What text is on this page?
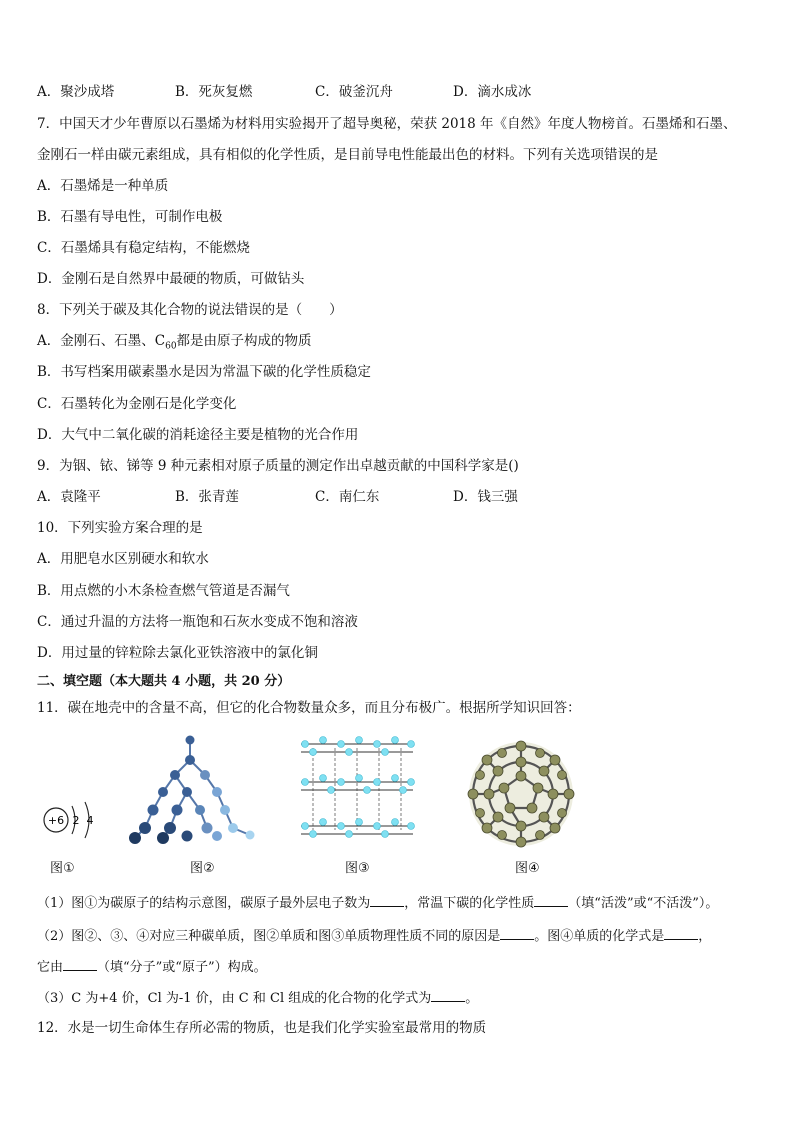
A．聚沙成塔	B．死灰复燃	C．破釜沉舟	D．滴水成冰
7．中国天才少年曹原以石墨烯为材料用实验揭开了超导奥秘，荣获 2018 年《自然》年度人物榜首。石墨烯和石墨、
金刚石一样由碳元素组成，具有相似的化学性质，是目前导电性能最出色的材料。下列有关选项错误的是
A．石墨烯是一种单质
B．石墨有导电性，可制作电极
C．石墨烯具有稳定结构，不能燃烧
D．金刚石是自然界中最硬的物质，可做钻头
8．下列关于碳及其化合物的说法错误的是（　　）
A．金刚石、石墨、$C_{60}$都是由原子构成的物质
B．书写档案用碳素墨水是因为常温下碳的化学性质稳定
C．石墨转化为金刚石是化学变化
D．大气中二氧化碳的消耗途径主要是植物的光合作用
9．为铟、铱、锑等 9 种元素相对原子质量的测定作出卓越贡献的中国科学家是()
A．袁隆平	B．张青莲	C．南仁东	D．钱三强
10．下列实验方案合理的是
A．用肥皂水区别硬水和软水
B．用点燃的小木条检查燃气管道是否漏气
C．通过升温的方法将一瓶饱和石灰水变成不饱和溶液
D．用过量的锌粒除去氯化亚铁溶液中的氯化铜
二、填空题（本大题共 4 小题，共 20 分）
11．碳在地壳中的含量不高，但它的化合物数量众多，而且分布极广。根据所学知识回答：
+6 2 4
图①	图②	图③	图④
（1）图①为碳原子的结构示意图，碳原子最外层电子数为	，常温下碳的化学性质	（填“活泼”或“不活泼”）。
（2）图②、③、④对应三种碳单质，图②单质和图③单质物理性质不同的原因是	。图④单质的化学式是	，
它由	（填“分子”或“原子”）构成。
（3）C 为+4 价，Cl 为-1 价，由 C 和 Cl 组成的化合物的化学式为	。
12．水是一切生命体生存所必需的物质，也是我们化学实验室最常用的物质
